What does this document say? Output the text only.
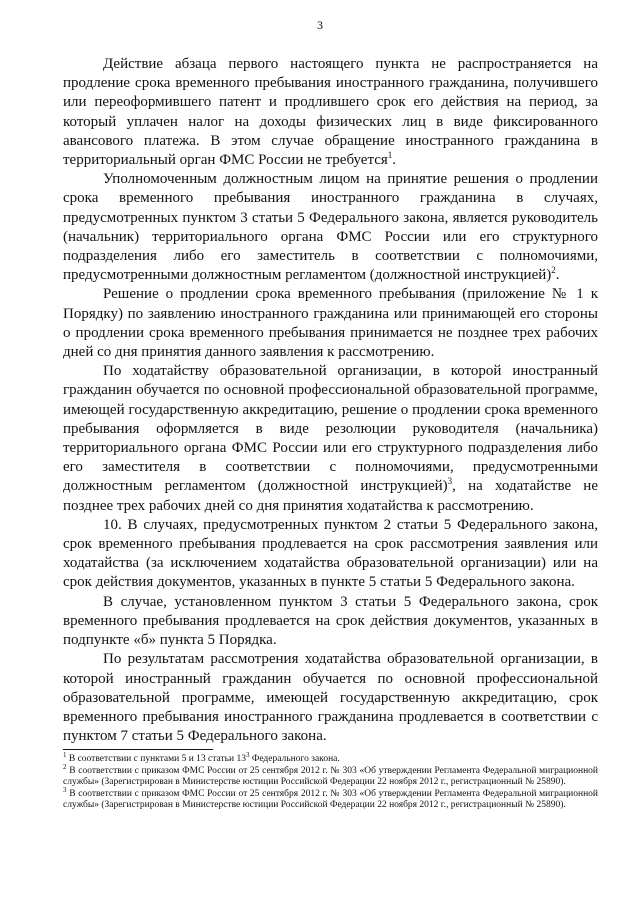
3

Действие абзаца первого настоящего пункта не распространяется на продление срока временного пребывания иностранного гражданина, получившего или переоформившего патент и продлившего срок его действия на период, за который уплачен налог на доходы физических лиц в виде фиксированного авансового платежа. В этом случае обращение иностранного гражданина в территориальный орган ФМС России не требуется$^1$.

Уполномоченным должностным лицом на принятие решения о продлении срока временного пребывания иностранного гражданина в случаях, предусмотренных пунктом 3 статьи 5 Федерального закона, является руководитель (начальник) территориального органа ФМС России или его структурного подразделения либо его заместитель в соответствии с полномочиями, предусмотренными должностным регламентом (должностной инструкцией)$^2$.

Решение о продлении срока временного пребывания (приложение № 1 к Порядку) по заявлению иностранного гражданина или принимающей его стороны о продлении срока временного пребывания принимается не позднее трех рабочих дней со дня принятия данного заявления к рассмотрению.

По ходатайству образовательной организации, в которой иностранный гражданин обучается по основной профессиональной образовательной программе, имеющей государственную аккредитацию, решение о продлении срока временного пребывания оформляется в виде резолюции руководителя (начальника) территориального органа ФМС России или его структурного подразделения либо его заместителя в соответствии с полномочиями, предусмотренными должностным регламентом (должностной инструкцией)$^3$, на ходатайстве не позднее трех рабочих дней со дня принятия ходатайства к рассмотрению.

10. В случаях, предусмотренных пунктом 2 статьи 5 Федерального закона, срок временного пребывания продлевается на срок рассмотрения заявления или ходатайства (за исключением ходатайства образовательной организации) или на срок действия документов, указанных в пункте 5 статьи 5 Федерального закона.

В случае, установленном пунктом 3 статьи 5 Федерального закона, срок временного пребывания продлевается на срок действия документов, указанных в подпункте «б» пункта 5 Порядка.

По результатам рассмотрения ходатайства образовательной организации, в которой иностранный гражданин обучается по основной профессиональной образовательной программе, имеющей государственную аккредитацию, срок временного пребывания иностранного гражданина продлевается в соответствии с пунктом 7 статьи 5 Федерального закона.

$^1$ В соответствии с пунктами 5 и 13 статьи $13^3$ Федерального закона.

$^2$ В соответствии с приказом ФМС России от 25 сентября 2012 г. № 303 «Об утверждении Регламента Федеральной миграционной службы» (Зарегистрирован в Министерстве юстиции Российской Федерации 22 ноября 2012 г., регистрационный № 25890).

$^3$ В соответствии с приказом ФМС России от 25 сентября 2012 г. № 303 «Об утверждении Регламента Федеральной миграционной службы» (Зарегистрирован в Министерстве юстиции Российской Федерации 22 ноября 2012 г., регистрационный № 25890).
